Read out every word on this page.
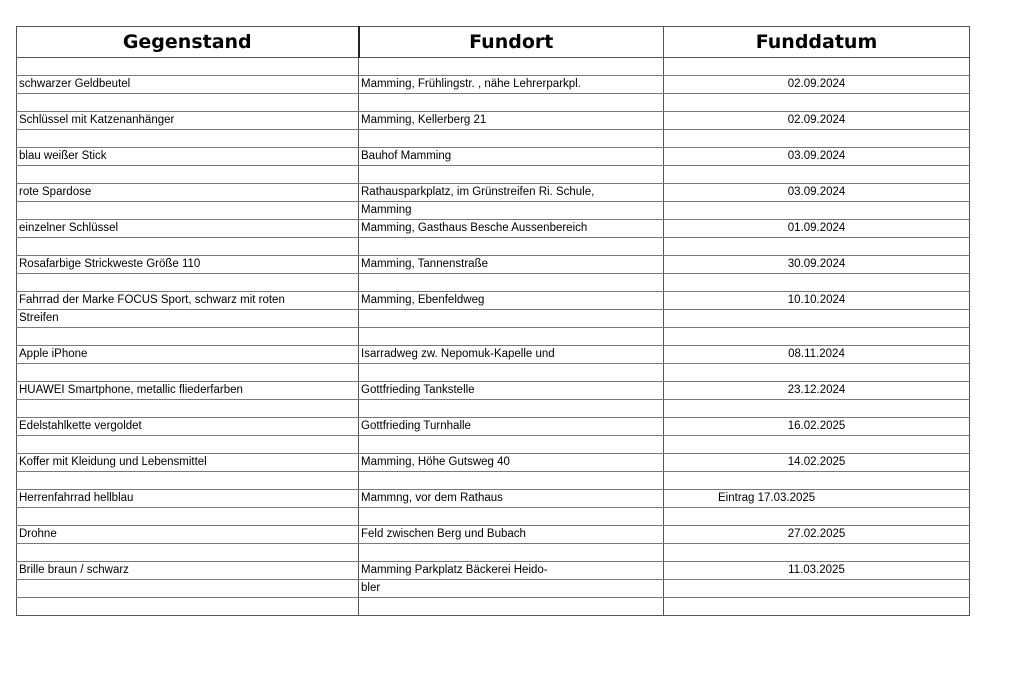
Gegenstand	Fundort	Funddatum

schwarzer Geldbeutel	Mamming, Frühlingstr. , nähe Lehrerparkpl.	02.09.2024

Schlüssel mit Katzenanhänger	Mamming, Kellerberg 21	02.09.2024

blau weißer Stick	Bauhof Mamming	03.09.2024

rote Spardose	Rathausparkplatz, im Grünstreifen Ri. Schule,	03.09.2024
	Mamming	
einzelner Schlüssel	Mamming, Gasthaus Besche Aussenbereich	01.09.2024

Rosafarbige Strickweste Größe 110	Mamming, Tannenstraße	30.09.2024

Fahrrad der Marke FOCUS Sport, schwarz mit roten	Mamming, Ebenfeldweg	10.10.2024
Streifen		

Apple iPhone	Isarradweg zw. Nepomuk-Kapelle und	08.11.2024

HUAWEI Smartphone, metallic fliederfarben	Gottfrieding Tankstelle	23.12.2024

Edelstahlkette vergoldet	Gottfrieding Turnhalle	16.02.2025

Koffer mit Kleidung und Lebensmittel	Mamming, Höhe Gutsweg 40	14.02.2025

Herrenfahrrad hellblau	Mammng, vor dem Rathaus	Eintrag 17.03.2025

Drohne	Feld zwischen Berg und Bubach	27.02.2025

Brille braun / schwarz	Mamming Parkplatz Bäckerei Heido-	11.03.2025
	bler	
